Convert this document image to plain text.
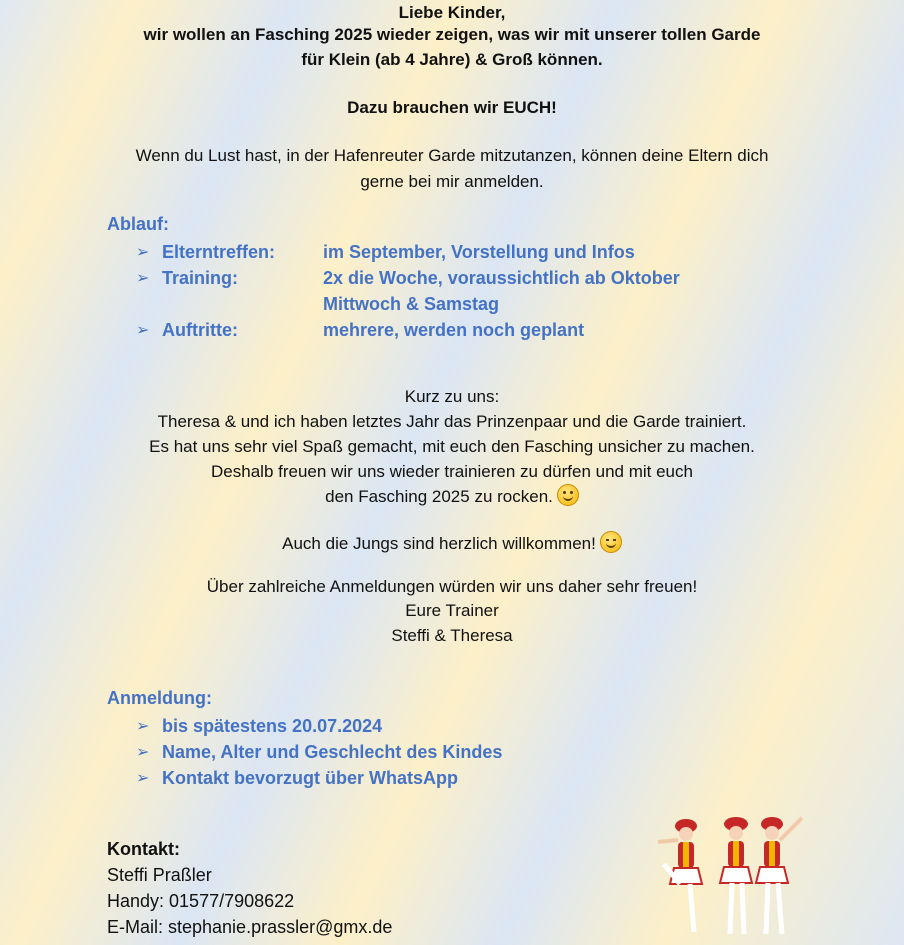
Liebe Kinder,
wir wollen an Fasching 2025 wieder zeigen, was wir mit unserer tollen Garde
für Klein (ab 4 Jahre) & Groß können.
Dazu brauchen wir EUCH!
Wenn du Lust hast, in der Hafenreuter Garde mitzutanzen, können deine Eltern dich
gerne bei mir anmelden.
Ablauf:
➢ Elterntreffen:	im September, Vorstellung und Infos
➢ Training:	2x die Woche, voraussichtlich ab Oktober
Mittwoch & Samstag
➢ Auftritte:	mehrere, werden noch geplant
Kurz zu uns:
Theresa & und ich haben letztes Jahr das Prinzenpaar und die Garde trainiert.
Es hat uns sehr viel Spaß gemacht, mit euch den Fasching unsicher zu machen.
Deshalb freuen wir uns wieder trainieren zu dürfen und mit euch
den Fasching 2025 zu rocken.
Auch die Jungs sind herzlich willkommen!
Über zahlreiche Anmeldungen würden wir uns daher sehr freuen!
Eure Trainer
Steffi & Theresa
Anmeldung:
➢ bis spätestens 20.07.2024
➢ Name, Alter und Geschlecht des Kindes
➢ Kontakt bevorzugt über WhatsApp
Kontakt:
Steffi Praßler
Handy: 01577/7908622
E-Mail: stephanie.prassler@gmx.de
